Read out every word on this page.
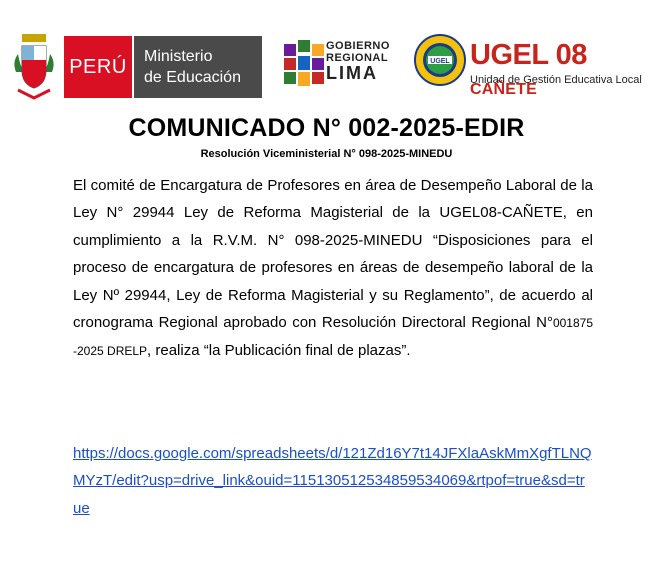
PERÚ	Ministerio
de Educación
GOBIERNO
REGIONAL
LIMA
UGEL UGEL 08 CAÑETE
Unidad de Gestión Educativa Local
COMUNICADO N° 002-2025-EDIR
Resolución Viceministerial N° 098-2025-MINEDU
El comité de Encargatura de Profesores en área de Desempeño Laboral de la Ley N° 29944 Ley de Reforma Magisterial de la UGEL08-CAÑETE, en cumplimiento a la R.V.M. N° 098-2025-MINEDU “Disposiciones para el proceso de encargatura de profesores en áreas de desempeño laboral de la Ley Nº 29944, Ley de Reforma Magisterial y su Reglamento”, de acuerdo al cronograma Regional aprobado con Resolución Directoral Regional N°001875 -2025 DRELP, realiza “la Publicación final de plazas”.
https://docs.google.com/spreadsheets/d/121Zd16Y7t14JFXlaAskMmXgfTLNQMYzT/edit?usp=drive_link&ouid=115130512534859534069&rtpof=true&sd=true
